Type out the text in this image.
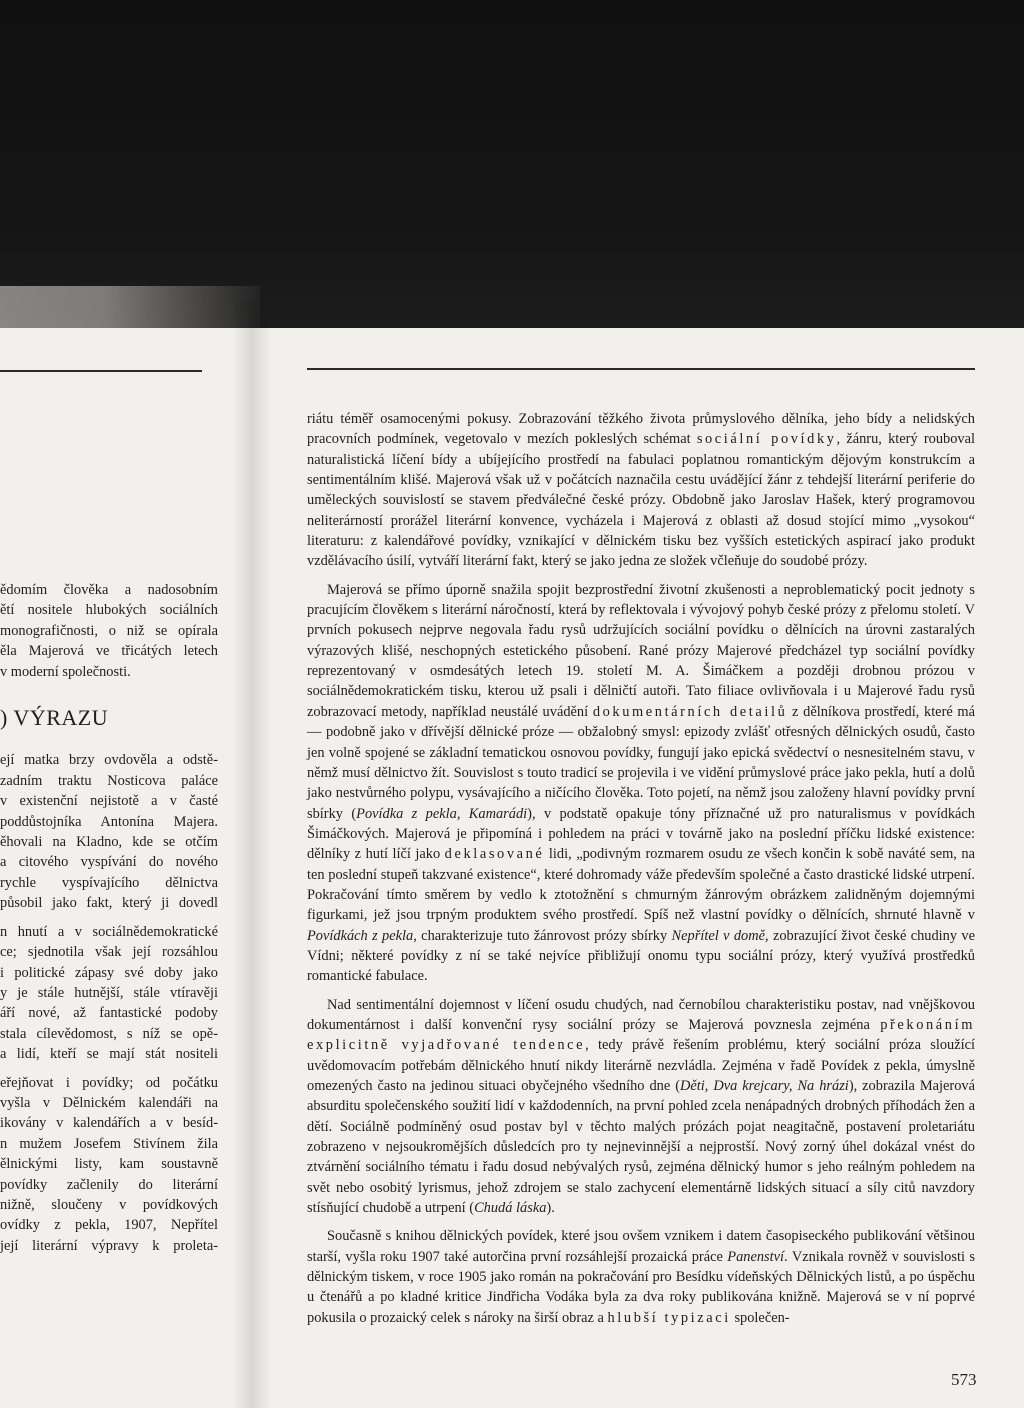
ědomím člověka a nadosobním
ětí nositele hlubokých sociálních
monografičnosti, o niž se opírala
ěla Majerová ve třicátých letech
v moderní společnosti.
) VÝRAZU
ejí matka brzy ovdověla a odstě-
zadním traktu Nosticova paláce
v existenční nejistotě a v časté
poddůstojníka Antonína Majera.
ěhovali na Kladno, kde se otčím
a citového vyspívání do nového
rychle vyspívajícího dělnictva
působil jako fakt, který ji dovedl
n hnutí a v sociálnědemokratické
ce; sjednotila však její rozsáhlou
i politické zápasy své doby jako
y je stále hutnější, stále vtíravěji
áří nové, až fantastické podoby
stala cílevědomost, s níž se opě-
a lidí, kteří se mají stát nositeli
eřejňovat i povídky; od počátku
vyšla v Dělnickém kalendáři na
ikovány v kalendářích a v besíd-
n mužem Josefem Stivínem žila
ělnickými listy, kam soustavně
povídky začlenily do literární
nižně, sloučeny v povídkových
ovídky z pekla, 1907, Nepřítel
její literární výpravy k proleta-

riátu téměř osamocenými pokusy. Zobrazování těžkého života průmyslového dělníka, jeho bídy a nelidských pracovních podmínek, vegetovalo v mezích pokleslých schémat sociální povídky, žánru, který rouboval naturalistická líčení bídy a ubíjejícího prostředí na fabulaci poplatnou romantickým dějovým konstrukcím a sentimentálním klišé. Majerová však už v počátcích naznačila cestu uvádějící žánr z tehdejší literární periferie do uměleckých souvislostí se stavem předválečné české prózy. Obdobně jako Jaroslav Hašek, který programovou neliterárností prorážel literární konvence, vycházela i Majerová z oblasti až dosud stojící mimo „vysokou“ literaturu: z kalendářové povídky, vznikající v dělnickém tisku bez vyšších estetických aspirací jako produkt vzdělávacího úsilí, vytváří literární fakt, který se jako jedna ze složek včleňuje do soudobé prózy.

Majerová se přímo úporně snažila spojit bezprostřední životní zkušenosti a neproblematický pocit jednoty s pracujícím člověkem s literární náročností, která by reflektovala i vývojový pohyb české prózy z přelomu století. V prvních pokusech nejprve negovala řadu rysů udržujících sociální povídku o dělnících na úrovni zastaralých výrazových klišé, neschopných estetického působení. Rané prózy Majerové předcházel typ sociální povídky reprezentovaný v osmdesátých letech 19. století M. A. Šimáčkem a později drobnou prózou v sociálnědemokratickém tisku, kterou už psali i dělničtí autoři. Tato filiace ovlivňovala i u Majerové řadu rysů zobrazovací metody, například neustálé uvádění dokumentárních detailů z dělníkova prostředí, které má — podobně jako v dřívější dělnické próze — obžalobný smysl: epizody zvlášť otřesných dělnických osudů, často jen volně spojené se základní tematickou osnovou povídky, fungují jako epická svědectví o nesnesitelném stavu, v němž musí dělnictvo žít. Souvislost s touto tradicí se projevila i ve vidění průmyslové práce jako pekla, hutí a dolů jako nestvůrného polypu, vysávajícího a ničícího člověka. Toto pojetí, na němž jsou založeny hlavní povídky první sbírky (Povídka z pekla, Kamarádi), v podstatě opakuje tóny příznačné už pro naturalismus v povídkách Šimáčkových. Majerová je připomíná i pohledem na práci v továrně jako na poslední příčku lidské existence: dělníky z hutí líčí jako deklasované lidi, „podivným rozmarem osudu ze všech končin k sobě naváté sem, na ten poslední stupeň takzvané existence“, které dohromady váže především společné a často drastické lidské utrpení. Pokračování tímto směrem by vedlo k ztotožnění s chmurným žánrovým obrázkem zalidněným dojemnými figurkami, jež jsou trpným produktem svého prostředí. Spíš než vlastní povídky o dělnících, shrnuté hlavně v Povídkách z pekla, charakterizuje tuto žánrovost prózy sbírky Nepřítel v domě, zobrazující život české chudiny ve Vídni; některé povídky z ní se také nejvíce přibližují onomu typu sociální prózy, který využívá prostředků romantické fabulace.

Nad sentimentální dojemnost v líčení osudu chudých, nad černobílou charakteristiku postav, nad vnějškovou dokumentárnost i další konvenční rysy sociální prózy se Majerová povznesla zejména překonáním explicitně vyjadřované tendence, tedy právě řešením problému, který sociální próza sloužící uvědomovacím potřebám dělnického hnutí nikdy literárně nezvládla. Zejména v řadě Povídek z pekla, úmyslně omezených často na jedinou situaci obyčejného všedního dne (Děti, Dva krejcary, Na hrázi), zobrazila Majerová absurditu společenského soužití lidí v každodenních, na první pohled zcela nenápadných drobných příhodách žen a dětí. Sociálně podmíněný osud postav byl v těchto malých prózách pojat neagitačně, postavení proletariátu zobrazeno v nejsoukromějších důsledcích pro ty nejnevinnější a nejprostší. Nový zorný úhel dokázal vnést do ztvárnění sociálního tématu i řadu dosud nebývalých rysů, zejména dělnický humor s jeho reálným pohledem na svět nebo osobitý lyrismus, jehož zdrojem se stalo zachycení elementárně lidských situací a síly citů navzdory stísňující chudobě a utrpení (Chudá láska).

Současně s knihou dělnických povídek, které jsou ovšem vznikem i datem časopiseckého publikování většinou starší, vyšla roku 1907 také autorčina první rozsáhlejší prozaická práce Panenství. Vznikala rovněž v souvislosti s dělnickým tiskem, v roce 1905 jako román na pokračování pro Besídku vídeňských Dělnických listů, a po úspěchu u čtenářů a po kladné kritice Jindřicha Vodáka byla za dva roky publikována knižně. Majerová se v ní poprvé pokusila o prozaický celek s nároky na širší obraz a hlubší typizaci společen-

573
